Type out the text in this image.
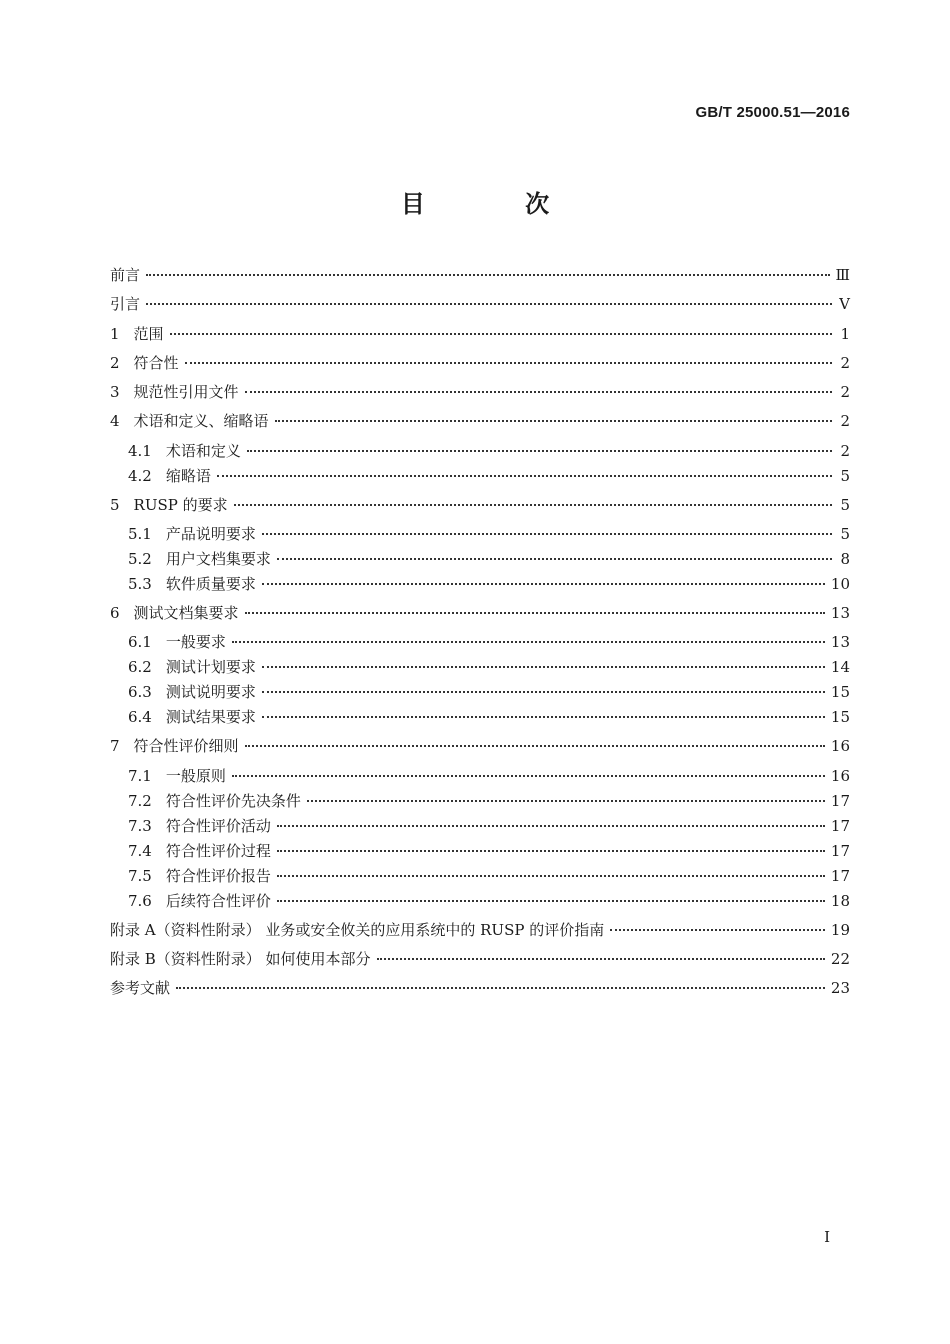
GB/T 25000.51—2016
目 次
前言	Ⅲ
引言	Ⅴ
1 范围	1
2 符合性	2
3 规范性引用文件	2
4 术语和定义、缩略语	2
4.1 术语和定义	2
4.2 缩略语	5
5 RUSP 的要求	5
5.1 产品说明要求	5
5.2 用户文档集要求	8
5.3 软件质量要求	10
6 测试文档集要求	13
6.1 一般要求	13
6.2 测试计划要求	14
6.3 测试说明要求	15
6.4 测试结果要求	15
7 符合性评价细则	16
7.1 一般原则	16
7.2 符合性评价先决条件	17
7.3 符合性评价活动	17
7.4 符合性评价过程	17
7.5 符合性评价报告	17
7.6 后续符合性评价	18
附录 A（资料性附录） 业务或安全攸关的应用系统中的 RUSP 的评价指南	19
附录 B（资料性附录） 如何使用本部分	22
参考文献	23
Ⅰ
